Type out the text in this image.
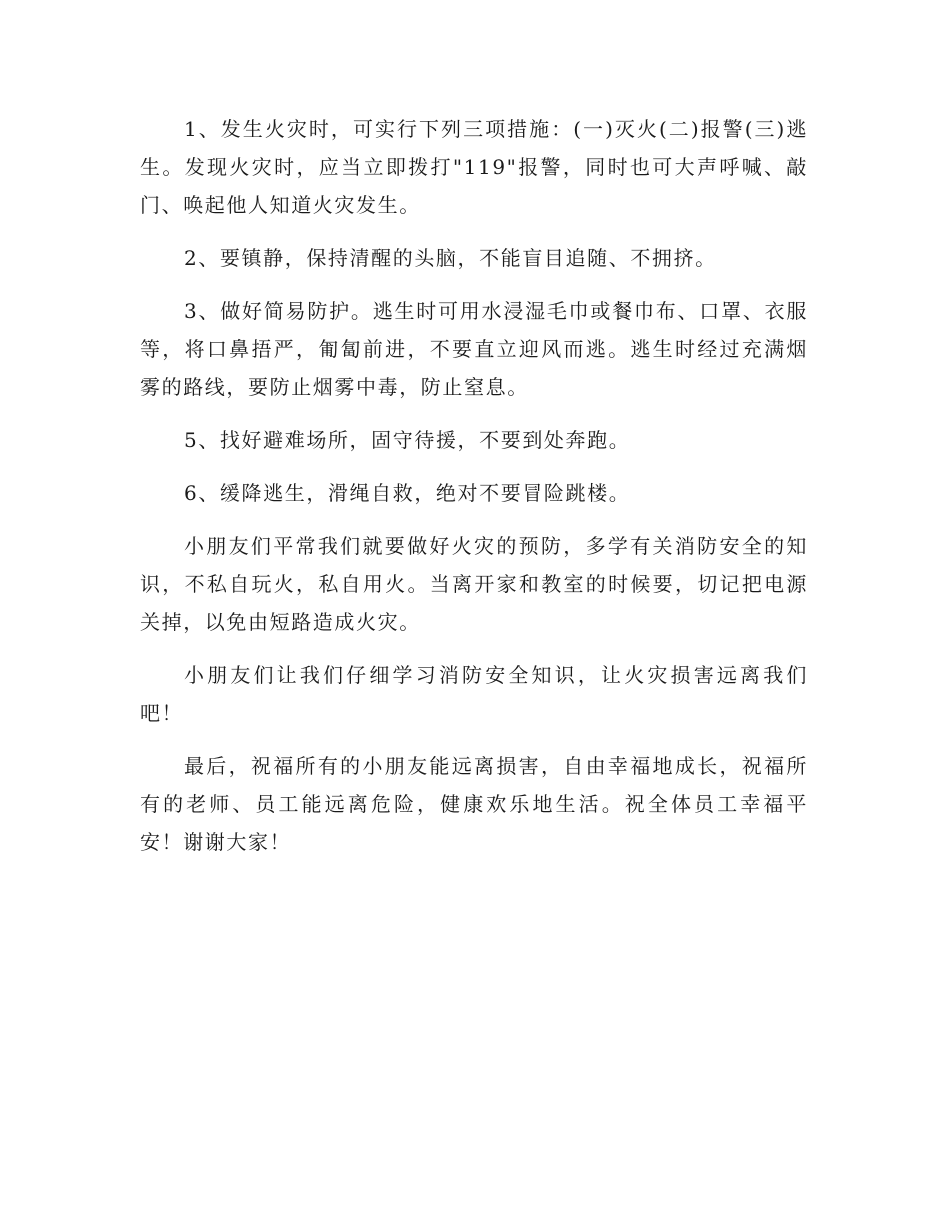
1、发生火灾时，可实行下列三项措施：(一)灭火(二)报警(三)逃生。发现火灾时，应当立即拨打"119"报警，同时也可大声呼喊、敲门、唤起他人知道火灾发生。

2、要镇静，保持清醒的头脑，不能盲目追随、不拥挤。

3、做好简易防护。逃生时可用水浸湿毛巾或餐巾布、口罩、衣服等，将口鼻捂严，匍匐前进，不要直立迎风而逃。逃生时经过充满烟雾的路线，要防止烟雾中毒，防止窒息。

5、找好避难场所，固守待援，不要到处奔跑。

6、缓降逃生，滑绳自救，绝对不要冒险跳楼。

小朋友们平常我们就要做好火灾的预防，多学有关消防安全的知识，不私自玩火，私自用火。当离开家和教室的时候要，切记把电源关掉，以免由短路造成火灾。

小朋友们让我们仔细学习消防安全知识，让火灾损害远离我们吧！

最后，祝福所有的小朋友能远离损害，自由幸福地成长，祝福所有的老师、员工能远离危险，健康欢乐地生活。祝全体员工幸福平安！谢谢大家！
